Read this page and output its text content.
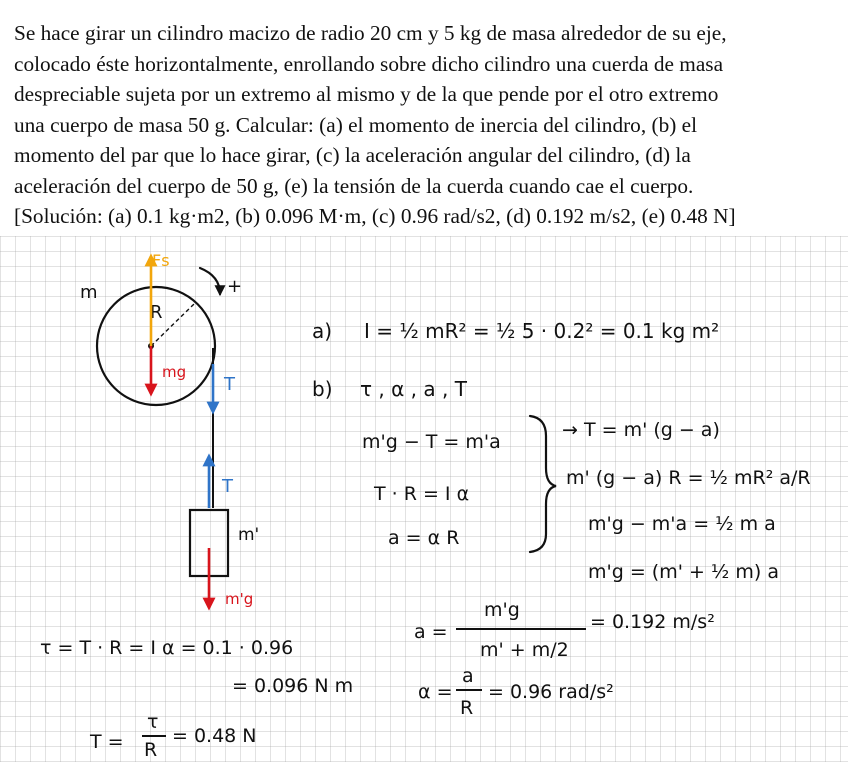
Se hace girar un cilindro macizo de radio 20 cm y 5 kg de masa alrededor de su eje,
colocado éste horizontalmente, enrollando sobre dicho cilindro una cuerda de masa
despreciable sujeta por un extremo al mismo y de la que pende por el otro extremo
una cuerpo de masa 50 g. Calcular: (a) el momento de inercia del cilindro, (b) el
momento del par que lo hace girar, (c) la aceleración angular del cilindro, (d) la
aceleración del cuerpo de 50 g, (e) la tensión de la cuerda cuando cae el cuerpo.
[Solución: (a) 0.1 kg·m2, (b) 0.096 M·m, (c) 0.96 rad/s2, (d) 0.192 m/s2, (e) 0.48 N]
R
m	+
Fs
mg
T
T
m'
m'g
a) I = ½ mR² = ½ 5 · 0.2² = 0.1 kg m²
b) τ , α , a , T
m'g − T = m'a
T · R = I α
a = α R
→ T = m' (g − a)
m' (g − a) R = ½ mR² a/R
m'g − m'a = ½ m a
m'g = (m' + ½ m) a
a =
m'g
m' + m/2
= 0.192 m/s²
α =
a
R
= 0.96 rad/s²
τ = T · R = I α = 0.1 · 0.96
= 0.096 N m
T =
τ
R
= 0.48 N
